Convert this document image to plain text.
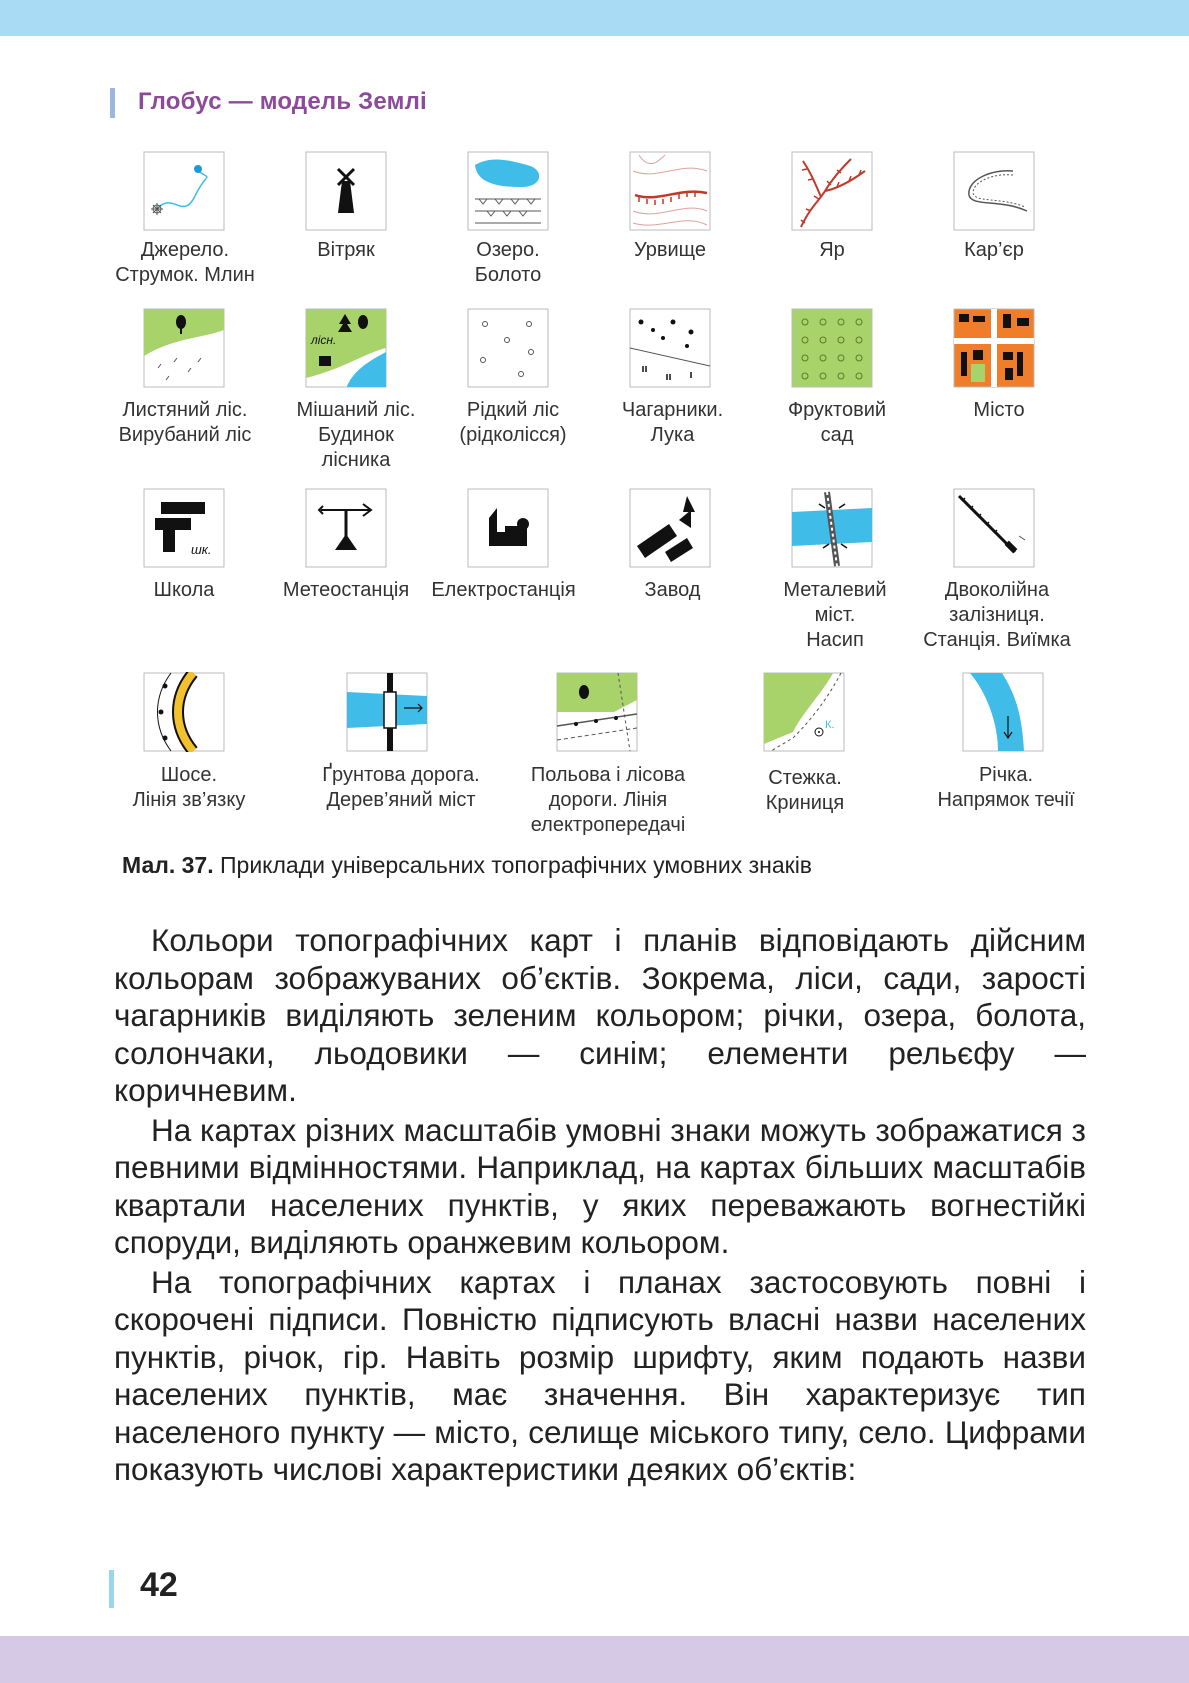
Глобус — модель Землі
лісн.
шк.
К.
Джерело.
Струмок. Млин
Вітряк	Озеро.
Болото
Урвище	Яр	Кар’єр
Листяний ліс.
Вирубаний ліс
Мішаний ліс.
Будинок
лісника
Рідкий ліс
(рідколісся)
Чагарники.
Лука
Фруктовий
сад
Місто
Школа	Метеостанція	Електростанція	Завод	Металевий
міст.
Насип
Двоколійна
залізниця.
Станція. Виїмка
Шосе.
Лінія зв’язку
Ґрунтова дорога.
Дерев’яний міст
Польова і лісова
дороги. Лінія
електропередачі
Стежка.
Криниця
Річка.
Напрямок течії
Мал. 37. Приклади універсальних топографічних умовних знаків

Кольори топографічних карт і планів відповідають дійсним кольорам зображуваних об’єктів. Зокрема, ліси, сади, зарості чагарників виділяють зеленим кольором; річки, озера, болота, солончаки, льодовики — синім; елементи рельєфу — коричневим.

На картах різних масштабів умовні знаки можуть зображатися з певними відмінностями. Наприклад, на картах більших масштабів квартали населених пунктів, у яких переважають вогнестійкі споруди, виділяють оранжевим кольором.

На топографічних картах і планах застосовують повні і скорочені підписи. Повністю підписують власні назви населених пунктів, річок, гір. Навіть розмір шрифту, яким подають назви населених пунктів, має значення. Він характеризує тип населеного пункту — місто, селище міського типу, село. Цифрами показують числові характеристики деяких об’єктів:

42
